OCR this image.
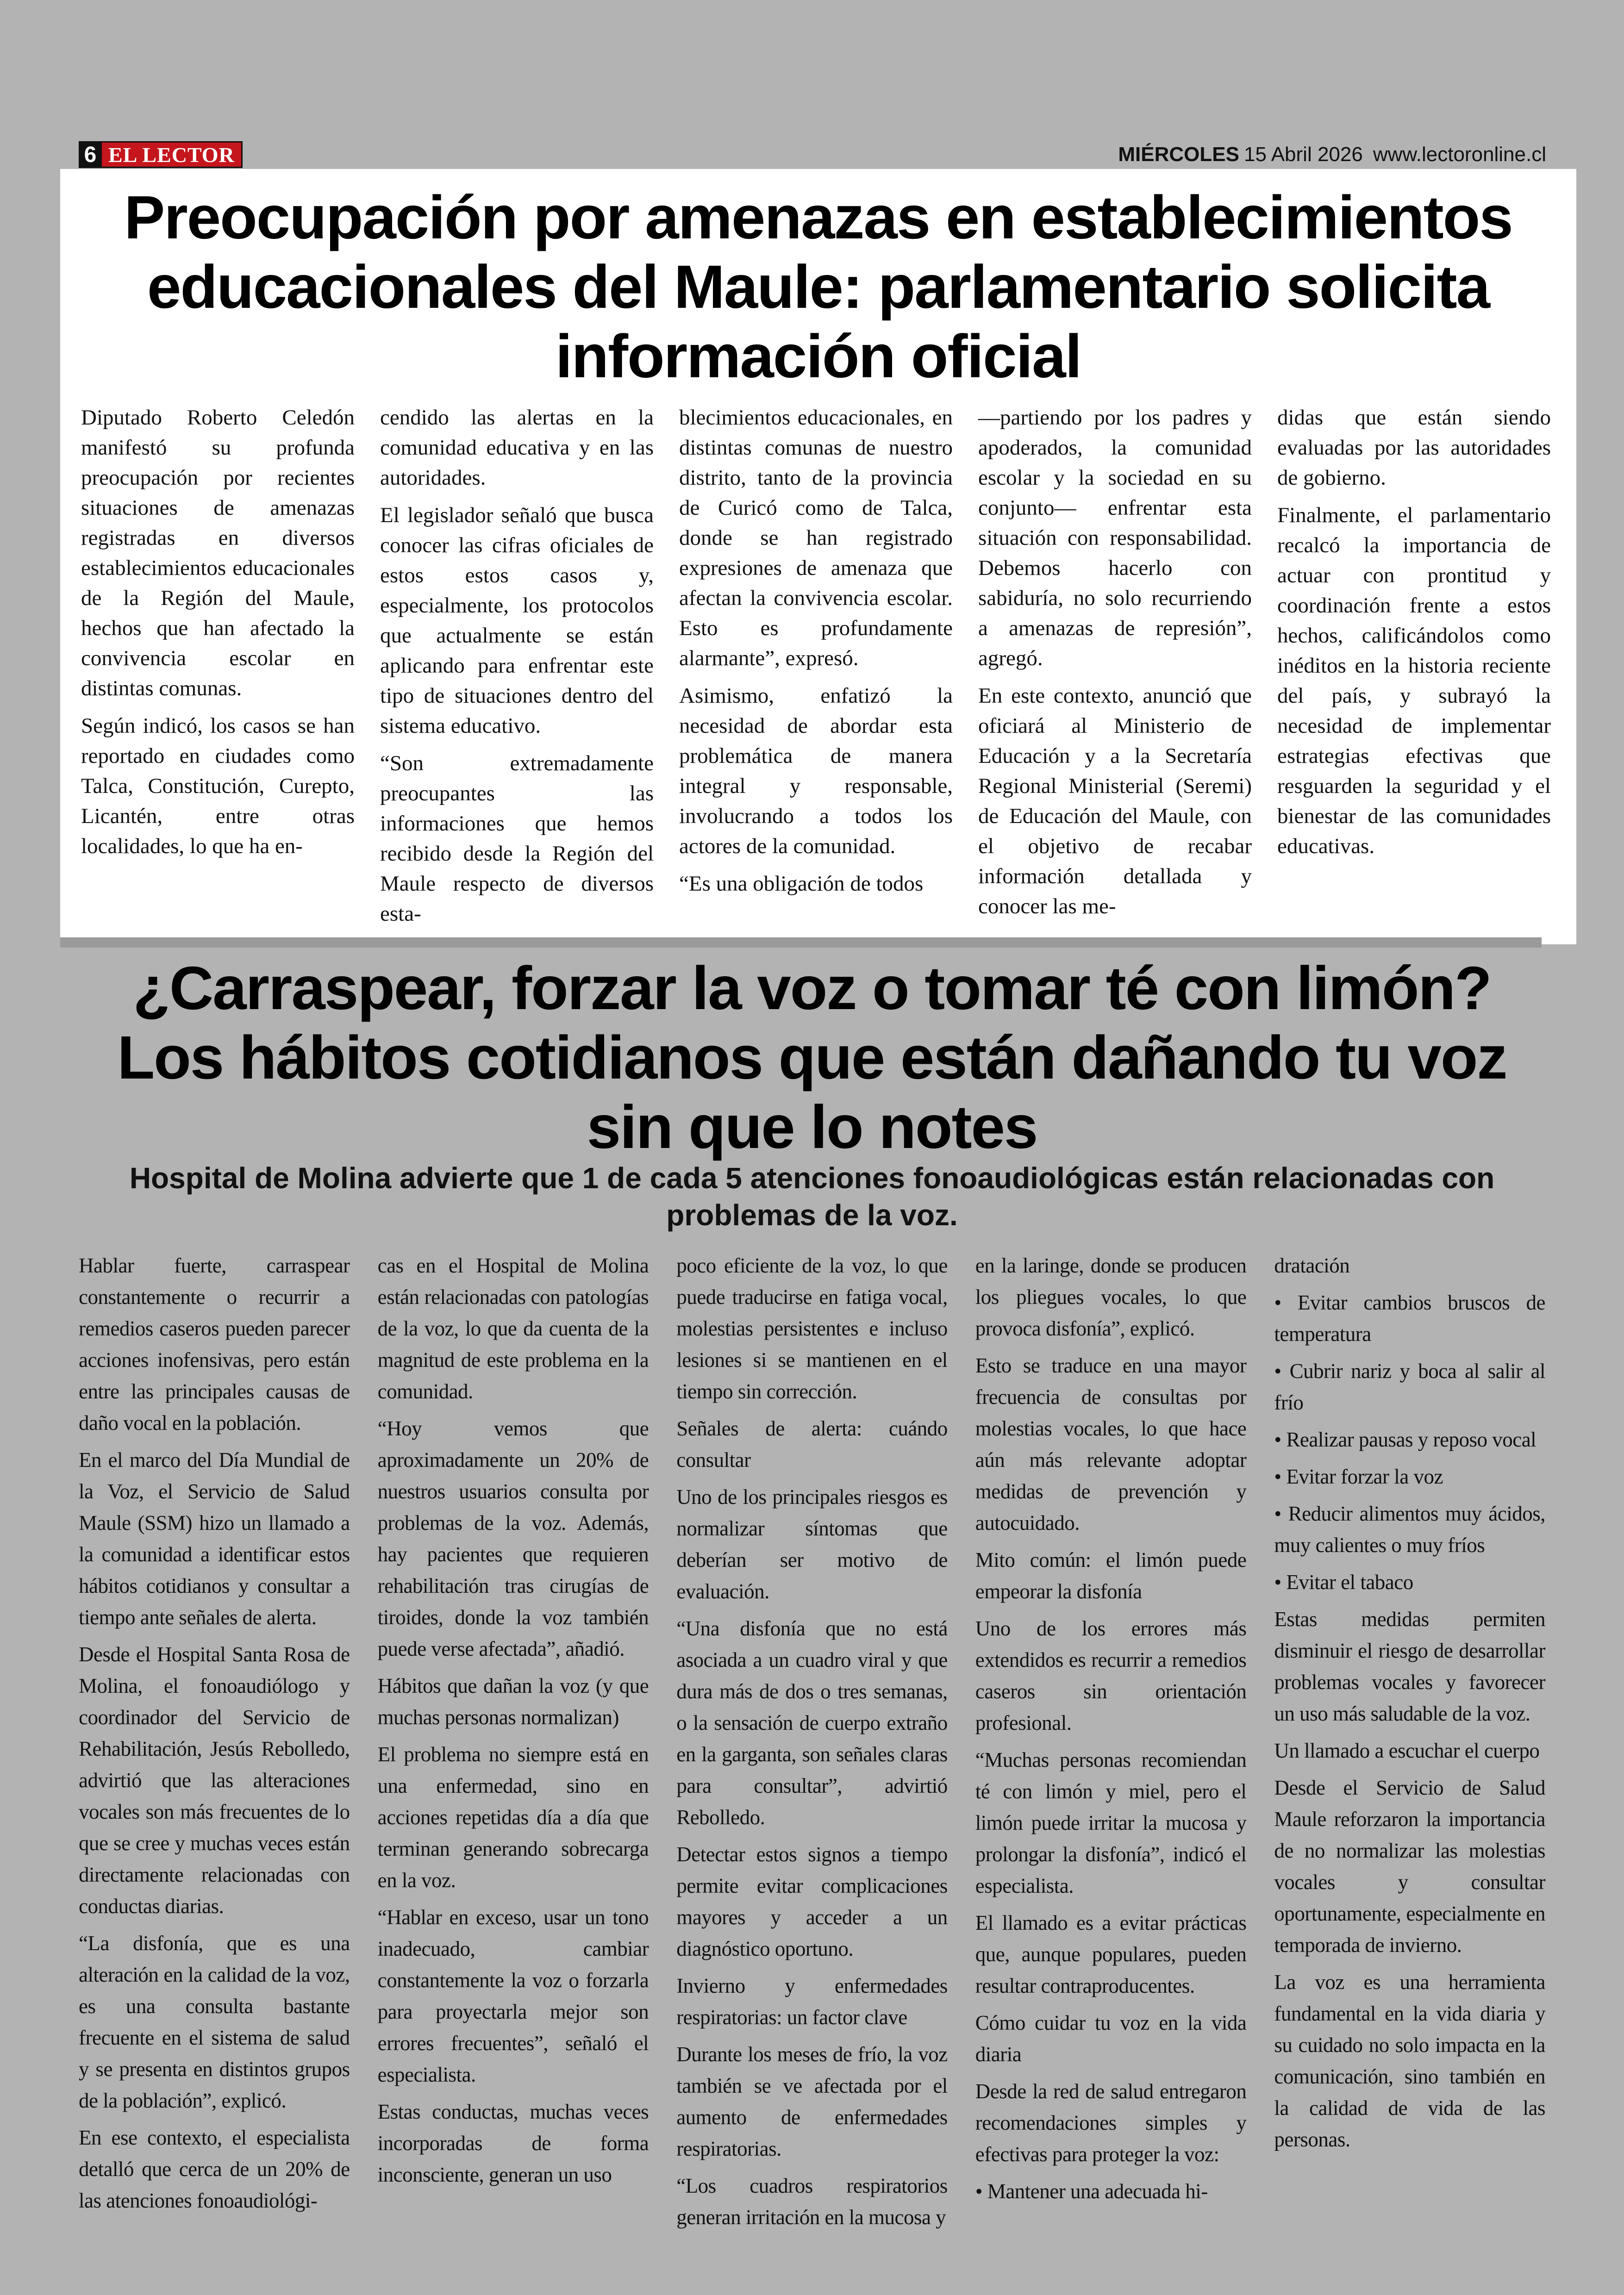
6 EL LECTOR	MIÉRCOLES 15 Abril 2026 www.lectoronline.cl
Preocupación por amenazas en establecimientos educacionales del Maule: parlamentario solicita información oficial

Diputado Roberto Celedón manifestó su profunda preocupación por recientes situaciones de amenazas registradas en diversos establecimientos educacionales de la Región del Maule, hechos que han afectado la convivencia escolar en distintas comunas.

Según indicó, los casos se han reportado en ciudades como Talca, Constitución, Curepto, Licantén, entre otras localidades, lo que ha en-

cendido las alertas en la comunidad educativa y en las autoridades.

El legislador señaló que busca conocer las cifras oficiales de estos estos casos y, especialmente, los protocolos que actualmente se están aplicando para enfrentar este tipo de situaciones dentro del sistema educativo.

“Son extremadamente preocupantes las informaciones que hemos recibido desde la Región del Maule respecto de diversos esta-

blecimientos educacionales, en distintas comunas de nuestro distrito, tanto de la provincia de Curicó como de Talca, donde se han registrado expresiones de amenaza que afectan la convivencia escolar. Esto es profundamente alarmante”, expresó.

Asimismo, enfatizó la necesidad de abordar esta problemática de manera integral y responsable, involucrando a todos los actores de la comunidad.

“Es una obligación de todos

—partiendo por los padres y apoderados, la comunidad escolar y la sociedad en su conjunto— enfrentar esta situación con responsabilidad. Debemos hacerlo con sabiduría, no solo recurriendo a amenazas de represión”, agregó.

En este contexto, anunció que oficiará al Ministerio de Educación y a la Secretaría Regional Ministerial (Seremi) de Educación del Maule, con el objetivo de recabar información detallada y conocer las me-

didas que están siendo evaluadas por las autoridades de gobierno.

Finalmente, el parlamentario recalcó la importancia de actuar con prontitud y coordinación frente a estos hechos, calificándolos como inéditos en la historia reciente del país, y subrayó la necesidad de implementar estrategias efectivas que resguarden la seguridad y el bienestar de las comunidades educativas.

¿Carraspear, forzar la voz o tomar té con limón? Los hábitos cotidianos que están dañando tu voz sin que lo notes
Hospital de Molina advierte que 1 de cada 5 atenciones fonoaudiológicas están relacionadas con problemas de la voz.

Hablar fuerte, carraspear constantemente o recurrir a remedios caseros pueden parecer acciones inofensivas, pero están entre las principales causas de daño vocal en la población.

En el marco del Día Mundial de la Voz, el Servicio de Salud Maule (SSM) hizo un llamado a la comunidad a identificar estos hábitos cotidianos y consultar a tiempo ante señales de alerta.

Desde el Hospital Santa Rosa de Molina, el fonoaudiólogo y coordinador del Servicio de Rehabilitación, Jesús Rebolledo, advirtió que las alteraciones vocales son más frecuentes de lo que se cree y muchas veces están directamente relacionadas con conductas diarias.

“La disfonía, que es una alteración en la calidad de la voz, es una consulta bastante frecuente en el sistema de salud y se presenta en distintos grupos de la población”, explicó.

En ese contexto, el especialista detalló que cerca de un 20% de las atenciones fonoaudiológi-

cas en el Hospital de Molina están relacionadas con patologías de la voz, lo que da cuenta de la magnitud de este problema en la comunidad.

“Hoy vemos que aproximadamente un 20% de nuestros usuarios consulta por problemas de la voz. Además, hay pacientes que requieren rehabilitación tras cirugías de tiroides, donde la voz también puede verse afectada”, añadió.

Hábitos que dañan la voz (y que muchas personas normalizan)

El problema no siempre está en una enfermedad, sino en acciones repetidas día a día que terminan generando sobrecarga en la voz.

“Hablar en exceso, usar un tono inadecuado, cambiar constantemente la voz o forzarla para proyectarla mejor son errores frecuentes”, señaló el especialista.

Estas conductas, muchas veces incorporadas de forma inconsciente, generan un uso

poco eficiente de la voz, lo que puede traducirse en fatiga vocal, molestias persistentes e incluso lesiones si se mantienen en el tiempo sin corrección.

Señales de alerta: cuándo consultar

Uno de los principales riesgos es normalizar síntomas que deberían ser motivo de evaluación.

“Una disfonía que no está asociada a un cuadro viral y que dura más de dos o tres semanas, o la sensación de cuerpo extraño en la garganta, son señales claras para consultar”, advirtió Rebolledo.

Detectar estos signos a tiempo permite evitar complicaciones mayores y acceder a un diagnóstico oportuno.

Invierno y enfermedades respiratorias: un factor clave

Durante los meses de frío, la voz también se ve afectada por el aumento de enfermedades respiratorias.

“Los cuadros respiratorios generan irritación en la mucosa y

en la laringe, donde se producen los pliegues vocales, lo que provoca disfonía”, explicó.

Esto se traduce en una mayor frecuencia de consultas por molestias vocales, lo que hace aún más relevante adoptar medidas de prevención y autocuidado.

Mito común: el limón puede empeorar la disfonía

Uno de los errores más extendidos es recurrir a remedios caseros sin orientación profesional.

“Muchas personas recomiendan té con limón y miel, pero el limón puede irritar la mucosa y prolongar la disfonía”, indicó el especialista.

El llamado es a evitar prácticas que, aunque populares, pueden resultar contraproducentes.

Cómo cuidar tu voz en la vida diaria

Desde la red de salud entregaron recomendaciones simples y efectivas para proteger la voz:

• Mantener una adecuada hi-

dratación

• Evitar cambios bruscos de temperatura

• Cubrir nariz y boca al salir al frío

• Realizar pausas y reposo vocal

• Evitar forzar la voz

• Reducir alimentos muy ácidos, muy calientes o muy fríos

• Evitar el tabaco

Estas medidas permiten disminuir el riesgo de desarrollar problemas vocales y favorecer un uso más saludable de la voz.

Un llamado a escuchar el cuerpo

Desde el Servicio de Salud Maule reforzaron la importancia de no normalizar las molestias vocales y consultar oportunamente, especialmente en temporada de invierno.

La voz es una herramienta fundamental en la vida diaria y su cuidado no solo impacta en la comunicación, sino también en la calidad de vida de las personas.
